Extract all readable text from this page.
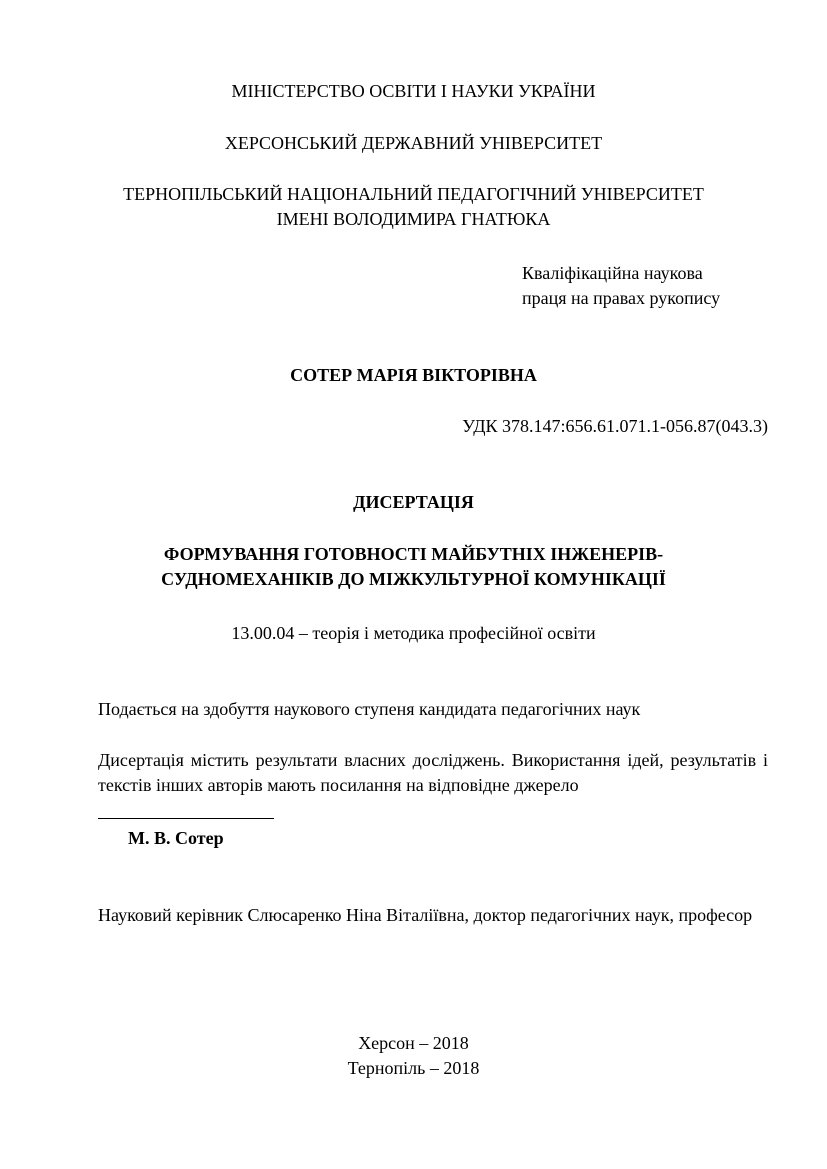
МІНІСТЕРСТВО ОСВІТИ І НАУКИ УКРАЇНИ
ХЕРСОНСЬКИЙ ДЕРЖАВНИЙ УНІВЕРСИТЕТ
ТЕРНОПІЛЬСЬКИЙ НАЦІОНАЛЬНИЙ ПЕДАГОГІЧНИЙ УНІВЕРСИТЕТ
ІМЕНІ ВОЛОДИМИРА ГНАТЮКА
Кваліфікаційна наукова
праця на правах рукопису
СОТЕР МАРІЯ ВІКТОРІВНА
УДК 378.147:656.61.071.1-056.87(043.3)
ДИСЕРТАЦІЯ
ФОРМУВАННЯ ГОТОВНОСТІ МАЙБУТНІХ ІНЖЕНЕРІВ-
СУДНОМЕХАНІКІВ ДО МІЖКУЛЬТУРНОЇ КОМУНІКАЦІЇ
13.00.04 – теорія і методика професійної освіти
Подається на здобуття наукового ступеня кандидата педагогічних наук
Дисертація містить результати власних досліджень. Використання ідей, результатів і текстів інших авторів мають посилання на відповідне джерело
М. В. Сотер
Науковий керівник Слюсаренко Ніна Віталіївна, доктор педагогічних наук, професор
Херсон – 2018
Тернопіль – 2018
